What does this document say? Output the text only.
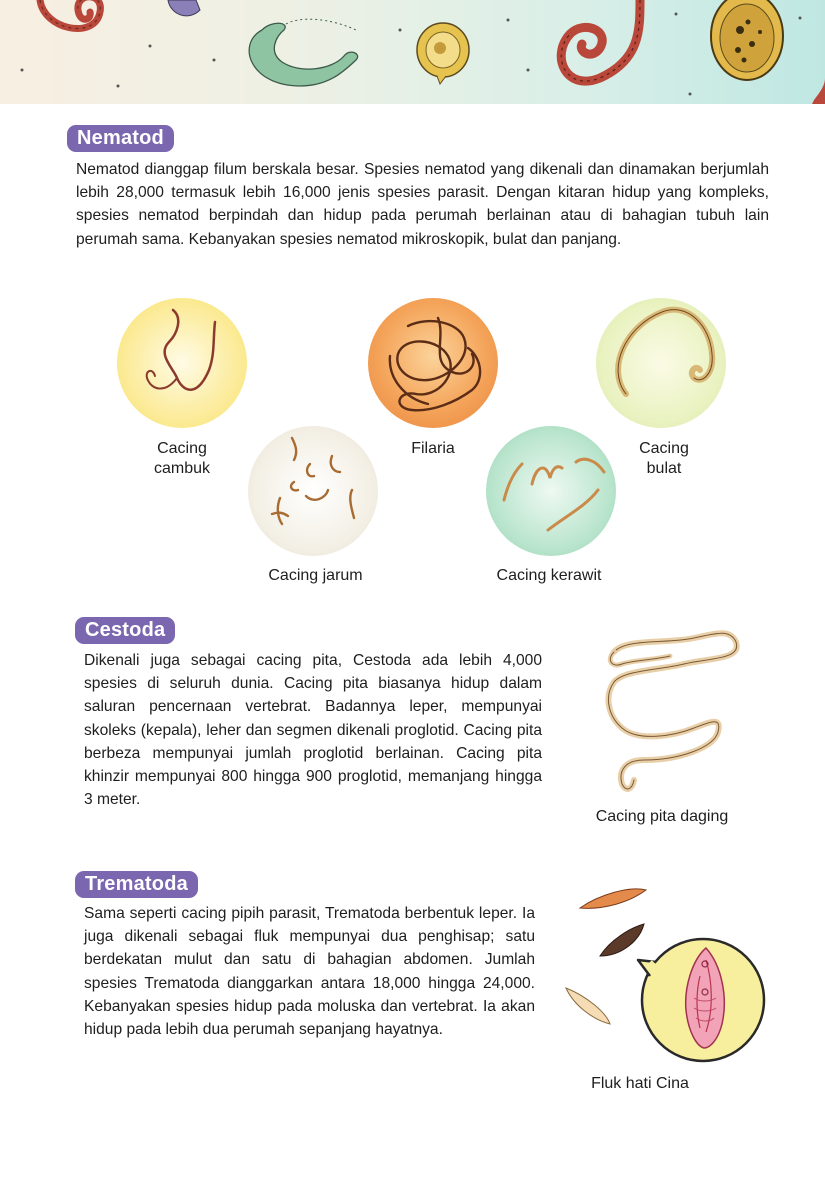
Nematod
Nematod dianggap filum berskala besar. Spesies nematod yang dikenali dan dinamakan berjumlah lebih 28,000 termasuk lebih 16,000 jenis spesies parasit. Dengan kitaran hidup yang kompleks, spesies nematod berpindah dan hidup pada perumah berlainan atau di bahagian tubuh lain perumah sama. Kebanyakan spesies nematod mikroskopik, bulat dan panjang.
Cacing
cambuk
Filaria	Cacing
bulat
Cacing jarum	Cacing kerawit
Cestoda
Dikenali juga sebagai cacing pita, Cestoda ada lebih 4,000 spesies di seluruh dunia. Cacing pita biasanya hidup dalam saluran pencernaan vertebrat. Badannya leper, mempunyai skoleks (kepala), leher dan segmen dikenali proglotid. Cacing pita berbeza mempunyai jumlah proglotid berlainan. Cacing pita khinzir mempunyai 800 hingga 900 proglotid, memanjang hingga 3 meter.
Cacing pita daging
Trematoda
Sama seperti cacing pipih parasit, Trematoda berbentuk leper. Ia juga dikenali sebagai fluk mempunyai dua penghisap; satu berdekatan mulut dan satu di bahagian abdomen. Jumlah spesies Trematoda dianggarkan antara 18,000 hingga 24,000. Kebanyakan spesies hidup pada moluska dan vertebrat. Ia akan hidup pada lebih dua perumah sepanjang hayatnya.
Fluk hati Cina
